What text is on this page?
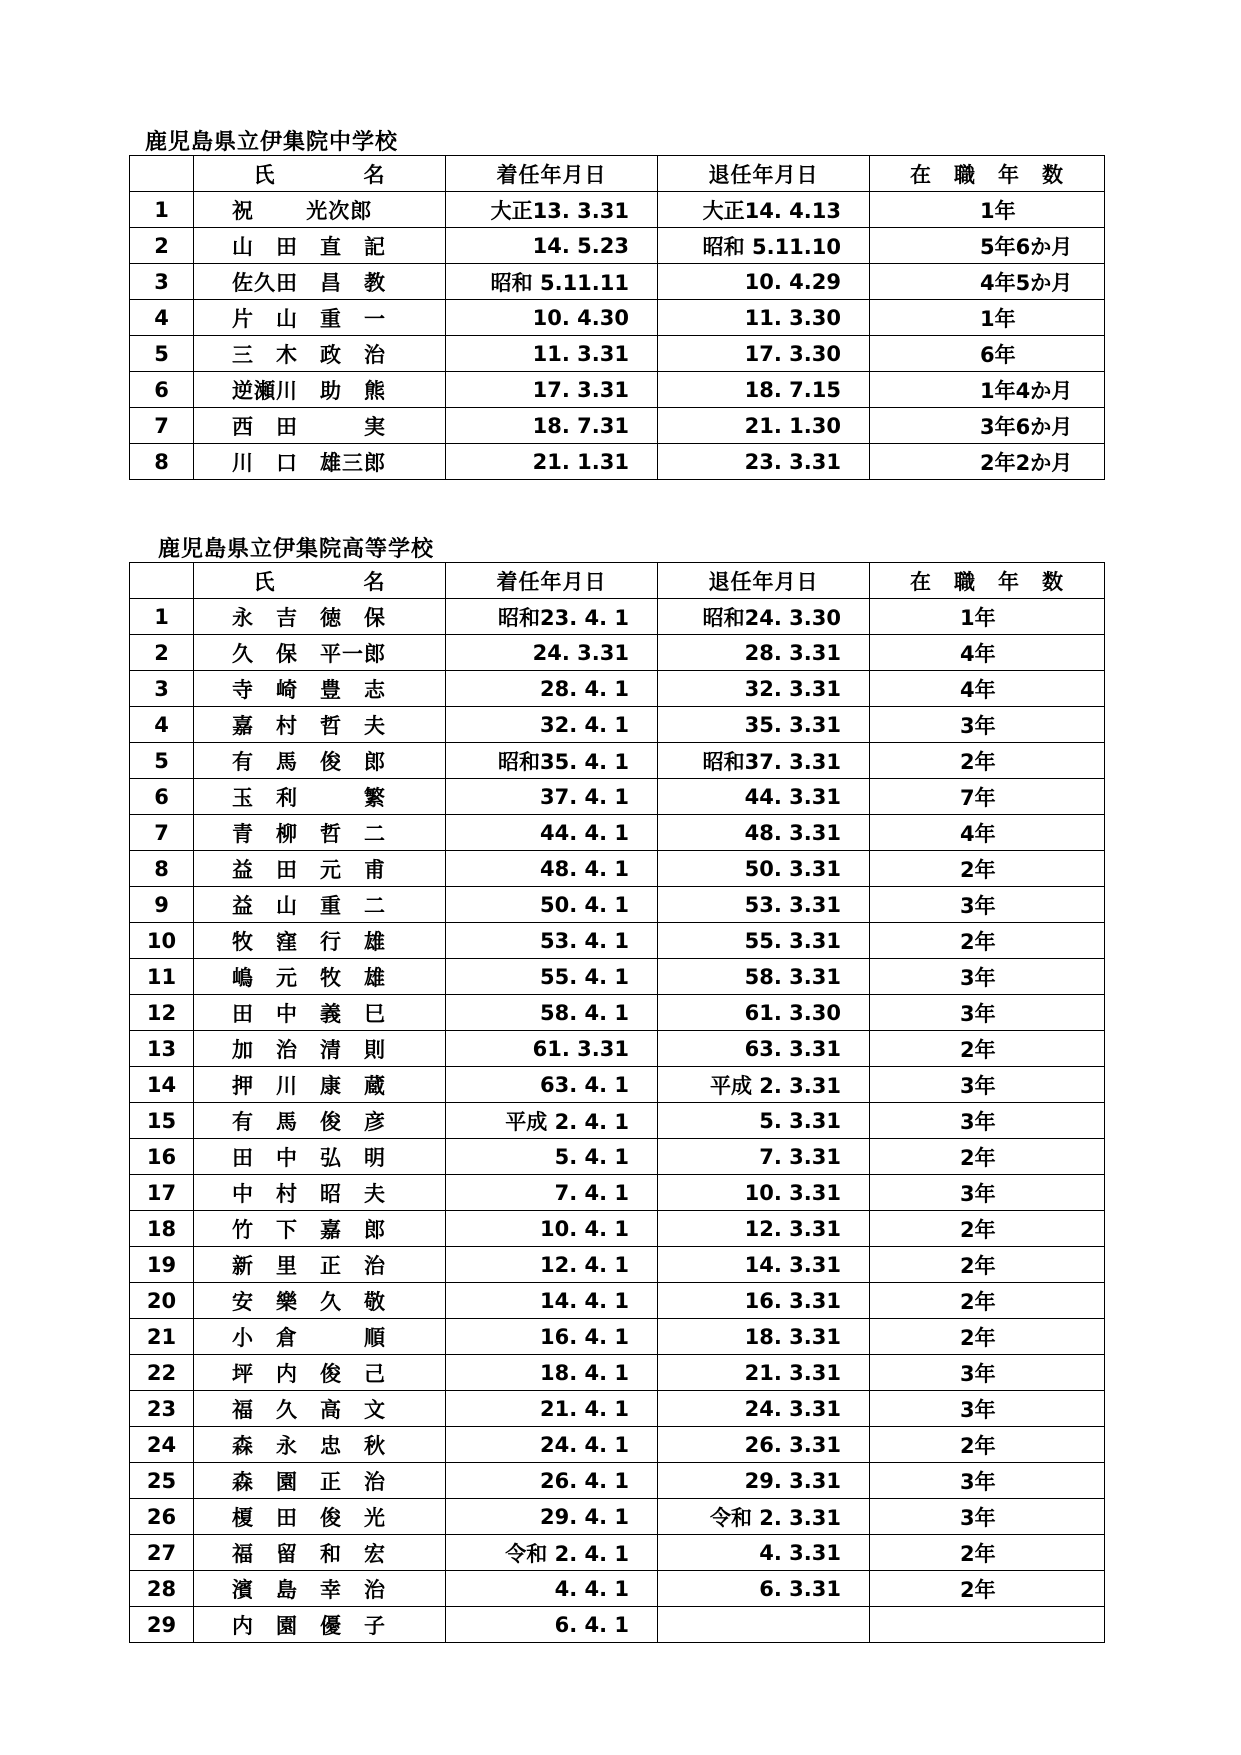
鹿児島県立伊集院中学校
	氏　　　　名	着任年月日	退任年月日	在　職　年　数
1	祝　　 光次郎	大正13. 3.31	大正14. 4.13	1年
2	山　田　直　記	14. 5.23	昭和 5.11.10	5年6か月
3	佐久田　昌　教	昭和 5.11.11	10. 4.29	4年5か月
4	片　山　重　一	10. 4.30	11. 3.30	1年
5	三　木　政　治	11. 3.31	17. 3.30	6年
6	逆瀬川　助　熊	17. 3.31	18. 7.15	1年4か月
7	西　田　　　実	18. 7.31	21. 1.30	3年6か月
8	川　口　雄三郎	21. 1.31	23. 3.31	2年2か月
鹿児島県立伊集院高等学校
	氏　　　　名	着任年月日	退任年月日	在　職　年　数
1	永　吉　徳　保	昭和23. 4. 1	昭和24. 3.30	1年
2	久　保　平一郎	24. 3.31	28. 3.31	4年
3	寺　崎　豊　志	28. 4. 1	32. 3.31	4年
4	嘉　村　哲　夫	32. 4. 1	35. 3.31	3年
5	有　馬　俊　郎	昭和35. 4. 1	昭和37. 3.31	2年
6	玉　利　　　繁	37. 4. 1	44. 3.31	7年
7	青　柳　哲　二	44. 4. 1	48. 3.31	4年
8	益　田　元　甫	48. 4. 1	50. 3.31	2年
9	益　山　重　二	50. 4. 1	53. 3.31	3年
10	牧　窪　行　雄	53. 4. 1	55. 3.31	2年
11	嶋　元　牧　雄	55. 4. 1	58. 3.31	3年
12	田　中　義　巳	58. 4. 1	61. 3.30	3年
13	加　治　清　則	61. 3.31	63. 3.31	2年
14	押　川　康　蔵	63. 4. 1	平成 2. 3.31	3年
15	有　馬　俊　彦	平成 2. 4. 1	5. 3.31	3年
16	田　中　弘　明	5. 4. 1	7. 3.31	2年
17	中　村　昭　夫	7. 4. 1	10. 3.31	3年
18	竹　下　嘉　郎	10. 4. 1	12. 3.31	2年
19	新　里　正　治	12. 4. 1	14. 3.31	2年
20	安　樂　久　敬	14. 4. 1	16. 3.31	2年
21	小　倉　　　順	16. 4. 1	18. 3.31	2年
22	坪　内　俊　己	18. 4. 1	21. 3.31	3年
23	福　久　高　文	21. 4. 1	24. 3.31	3年
24	森　永　忠　秋	24. 4. 1	26. 3.31	2年
25	森　園　正　治	26. 4. 1	29. 3.31	3年
26	榎　田　俊　光	29. 4. 1	令和 2. 3.31	3年
27	福　留　和　宏	令和 2. 4. 1	4. 3.31	2年
28	濱　島　幸　治	4. 4. 1	6. 3.31	2年
29	内　園　優　子	6. 4. 1		
